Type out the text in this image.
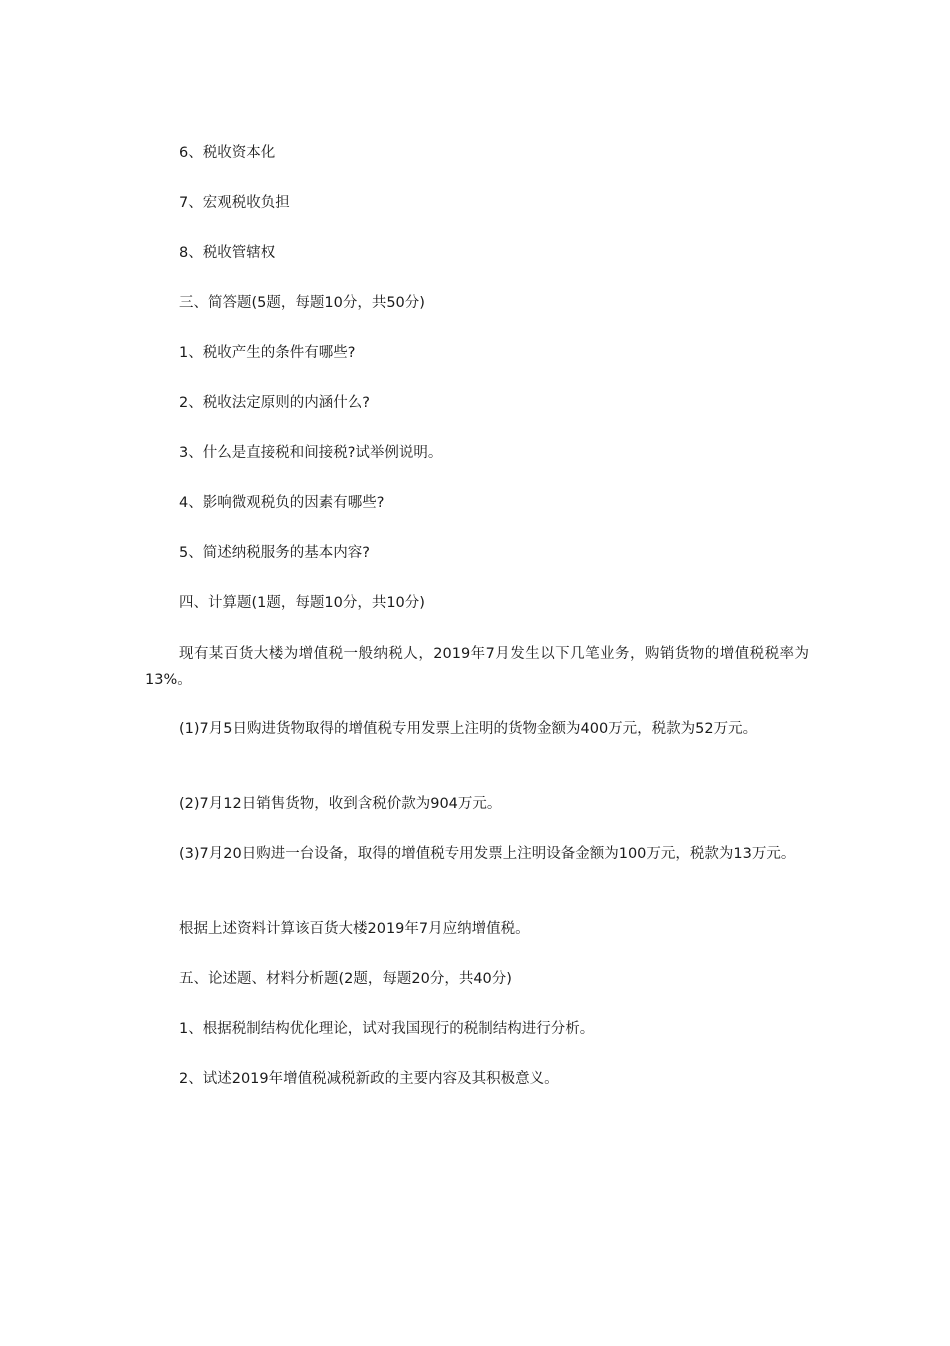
6、税收资本化

7、宏观税收负担

8、税收管辖权

三、简答题(5题，每题10分，共50分)

1、税收产生的条件有哪些?

2、税收法定原则的内涵什么?

3、什么是直接税和间接税?试举例说明。

4、影响微观税负的因素有哪些?

5、简述纳税服务的基本内容?

四、计算题(1题，每题10分，共10分)

现有某百货大楼为增值税一般纳税人，2019年7月发生以下几笔业务，购销货物的增值税税率为13%。

(1)7月5日购进货物取得的增值税专用发票上注明的货物金额为400万元，税款为52万元。

(2)7月12日销售货物，收到含税价款为904万元。

(3)7月20日购进一台设备，取得的增值税专用发票上注明设备金额为100万元，税款为13万元。

根据上述资料计算该百货大楼2019年7月应纳增值税。

五、论述题、材料分析题(2题，每题20分，共40分)

1、根据税制结构优化理论，试对我国现行的税制结构进行分析。

2、试述2019年增值税减税新政的主要内容及其积极意义。
